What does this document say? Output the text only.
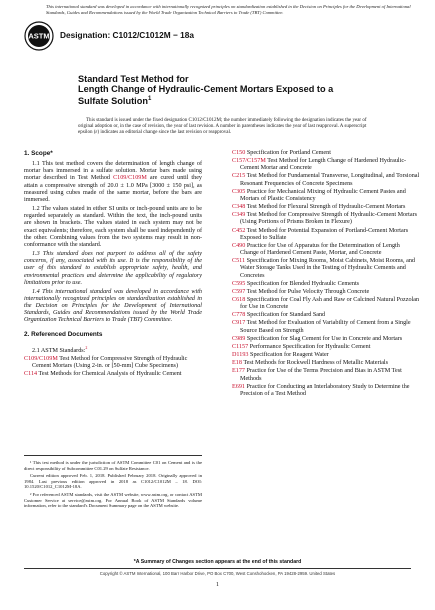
This international standard was developed in accordance with internationally recognized principles on standardization established in the Decision on Principles for the Development of International Standards, Guides and Recommendations issued by the World Trade Organization Technical Barriers to Trade (TBT) Committee.
ASTM Designation: C1012/C1012M − 18a
Standard Test Method for
Length Change of Hydraulic-Cement Mortars Exposed to a
Sulfate Solution$^1$
This standard is issued under the fixed designation C1012/C1012M; the number immediately following the designation indicates the year of original adoption or, in the case of revision, the year of last revision. A number in parentheses indicates the year of last reapproval. A superscript epsilon (ε) indicates an editorial change since the last revision or reapproval.
1. Scope*

1.1 This test method covers the determination of length change of mortar bars immersed in a sulfate solution. Mortar bars made using mortar described in Test Method C109/C109M are cured until they attain a compressive strength of 20.0 ± 1.0 MPa [3000 ± 150 psi], as measured using cubes made of the same mortar, before the bars are immersed.

1.2 The values stated in either SI units or inch-pound units are to be regarded separately as standard. Within the text, the inch-pound units are shown in brackets. The values stated in each system may not be exact equivalents; therefore, each system shall be used independently of the other. Combining values from the two systems may result in non-conformance with the standard.

1.3 This standard does not purport to address all of the safety concerns, if any, associated with its use. It is the responsibility of the user of this standard to establish appropriate safety, health, and environmental practices and determine the applicability of regulatory limitations prior to use.

1.4 This international standard was developed in accordance with internationally recognized principles on standardization established in the Decision on Principles for the Development of International Standards, Guides and Recommendations issued by the World Trade Organization Technical Barriers to Trade (TBT) Committee.

2. Referenced Documents
2.1 ASTM Standards:$^2$

C109/C109M Test Method for Compressive Strength of Hydraulic Cement Mortars (Using 2-in. or [50-mm] Cube Specimens)

C114 Test Methods for Chemical Analysis of Hydraulic Cement

C150 Specification for Portland Cement

C157/C157M Test Method for Length Change of Hardened Hydraulic-Cement Mortar and Concrete

C215 Test Method for Fundamental Transverse, Longitudinal, and Torsional Resonant Frequencies of Concrete Specimens

C305 Practice for Mechanical Mixing of Hydraulic Cement Pastes and Mortars of Plastic Consistency

C348 Test Method for Flexural Strength of Hydraulic-Cement Mortars

C349 Test Method for Compressive Strength of Hydraulic-Cement Mortars (Using Portions of Prisms Broken in Flexure)

C452 Test Method for Potential Expansion of Portland-Cement Mortars Exposed to Sulfate

C490 Practice for Use of Apparatus for the Determination of Length Change of Hardened Cement Paste, Mortar, and Concrete

C511 Specification for Mixing Rooms, Moist Cabinets, Moist Rooms, and Water Storage Tanks Used in the Testing of Hydraulic Cements and Concretes

C595 Specification for Blended Hydraulic Cements

C597 Test Method for Pulse Velocity Through Concrete

C618 Specification for Coal Fly Ash and Raw or Calcined Natural Pozzolan for Use in Concrete

C778 Specification for Standard Sand

C917 Test Method for Evaluation of Variability of Cement from a Single Source Based on Strength

C989 Specification for Slag Cement for Use in Concrete and Mortars

C1157 Performance Specification for Hydraulic Cement

D1193 Specification for Reagent Water

E18 Test Methods for Rockwell Hardness of Metallic Materials

E177 Practice for Use of the Terms Precision and Bias in ASTM Test Methods

E691 Practice for Conducting an Interlaboratory Study to Determine the Precision of a Test Method

¹ This test method is under the jurisdiction of ASTM Committee C01 on Cement and is the direct responsibility of Subcommittee C01.29 on Sulfate Resistance.

Current edition approved Feb. 1, 2018. Published February 2018. Originally approved in 1984. Last previous edition approved in 2018 as C1012/C1012M – 18. DOI: 10.1520/C1012_C1012M-18A.

² For referenced ASTM standards, visit the ASTM website, www.astm.org, or contact ASTM Customer Service at service@astm.org. For Annual Book of ASTM Standards volume information, refer to the standard's Document Summary page on the ASTM website.

*A Summary of Changes section appears at the end of this standard
Copyright © ASTM International, 100 Barr Harbor Drive, PO Box C700, West Conshohocken, PA 19428-2959. United States
1
